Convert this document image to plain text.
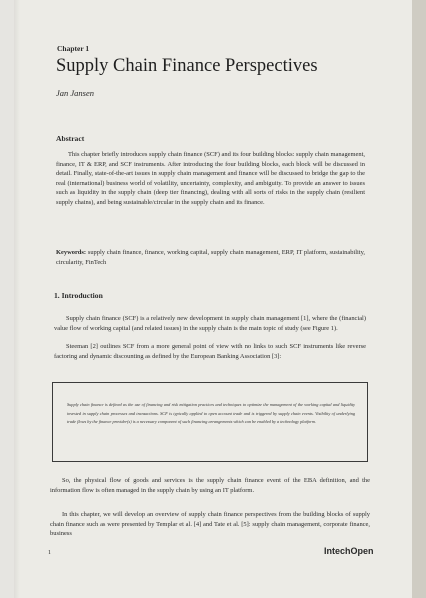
Chapter 1
Supply Chain Finance Perspectives
Jan Jansen
Abstract
This chapter briefly introduces supply chain finance (SCF) and its four building blocks: supply chain management, finance, IT & ERP, and SCF instruments. After introducing the four building blocks, each block will be discussed in detail. Finally, state-of-the-art issues in supply chain management and finance will be discussed to bridge the gap to the real (international) business world of volatility, uncertainty, complexity, and ambiguity. To provide an answer to issues such as liquidity in the supply chain (deep tier financing), dealing with all sorts of risks in the supply chain (resilient supply chains), and being sustainable/circular in the supply chain and its finance.
Keywords: supply chain finance, finance, working capital, supply chain management, ERP, IT platform, sustainability, circularity, FinTech
1. Introduction
Supply chain finance (SCF) is a relatively new development in supply chain management [1], where the (financial) value flow of working capital (and related issues) in the supply chain is the main topic of study (see Figure 1).
Steeman [2] outlines SCF from a more general point of view with no links to such SCF instruments like reverse factoring and dynamic discounting as defined by the European Banking Association [3]:
Supply chain finance is defined as the use of financing and risk mitigation practices and techniques to optimize the management of the working capital and liquidity invested in supply chain processes and transactions. SCF is typically applied to open account trade and is triggered by supply chain events. Visibility of underlying trade flows by the finance provider(s) is a necessary component of such financing arrangements which can be enabled by a technology platform.
So, the physical flow of goods and services is the supply chain finance event of the EBA definition, and the information flow is often managed in the supply chain by using an IT platform.
In this chapter, we will develop an overview of supply chain finance perspectives from the building blocks of supply chain finance such as were presented by Templar et al. [4] and Tate et al. [5]: supply chain management, corporate finance, business
1	IntechOpen
